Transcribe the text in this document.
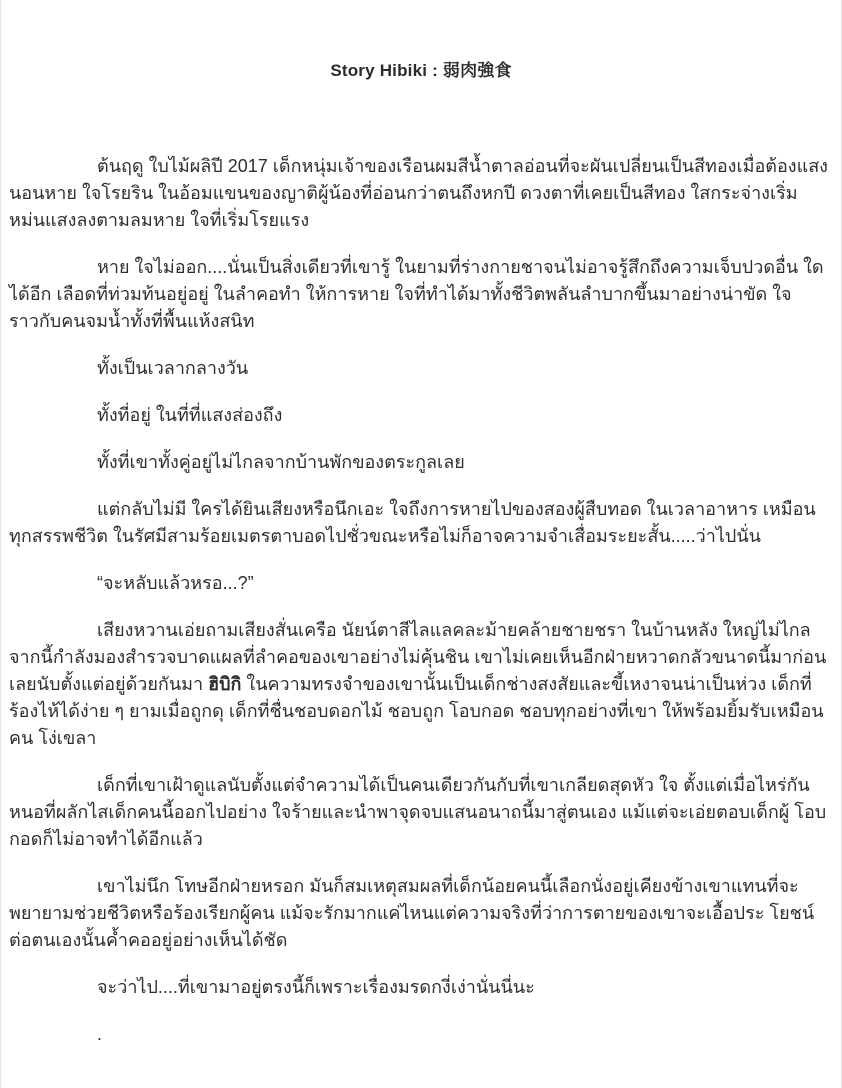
Story Hibiki : 弱肉強食

ต้นฤดู ใบไม้ผลิปี 2017 เด็กหนุ่มเจ้าของเรือนผมสีน้ำตาลอ่อนที่จะผันเปลี่ยนเป็นสีทองเมื่อต้องแสงนอนหาย ใจโรยริน ในอ้อมแขนของญาติผู้น้องที่อ่อนกว่าตนถึงหกปี ดวงตาที่เคยเป็นสีทอง ใสกระจ่างเริ่มหม่นแสงลงตามลมหาย ใจที่เริ่มโรยแรง

หาย ใจไม่ออก....นั่นเป็นสิ่งเดียวที่เขารู้ ในยามที่ร่างกายชาจนไม่อาจรู้สึกถึงความเจ็บปวดอื่น ใดได้อีก เลือดที่ท่วมท้นอยู่อยู่ ในลำคอทำ ให้การหาย ใจที่ทำได้มาทั้งชีวิตพลันลำบากขึ้นมาอย่างน่าขัด ใจ ราวกับคนจมน้ำทั้งที่พื้นแห้งสนิท

ทั้งเป็นเวลากลางวัน

ทั้งที่อยู่ ในที่ที่แสงส่องถึง

ทั้งที่เขาทั้งคู่อยู่ไม่ไกลจากบ้านพักของตระกูลเลย

แต่กลับไม่มี ใครได้ยินเสียงหรือนึกเอะ ใจถึงการหายไปของสองผู้สืบทอด ในเวลาอาหาร เหมือนทุกสรรพชีวิต ในรัศมีสามร้อยเมตรตาบอดไปชั่วขณะหรือไม่ก็อาจความจำเสื่อมระยะสั้น.....ว่าไปนั่น

“จะหลับแล้วหรอ...?”

เสียงหวานเอ่ยถามเสียงสั่นเครือ นัยน์ตาสีไลแลคละม้ายคล้ายชายชรา ในบ้านหลัง ใหญ่ไม่ไกลจากนี้กำลังมองสำรวจบาดแผลที่ลำคอของเขาอย่างไม่คุ้นชิน เขาไม่เคยเห็นอีกฝ่ายหวาดกลัวขนาดนี้มาก่อนเลยนับตั้งแต่อยู่ด้วยกันมา ฮิบิกิ ในความทรงจำของเขานั้นเป็นเด็กช่างสงสัยและขี้เหงาจนน่าเป็นห่วง เด็กที่ร้องไห้ได้ง่าย ๆ ยามเมื่อถูกดุ เด็กที่ชื่นชอบดอกไม้ ชอบถูก โอบกอด ชอบทุกอย่างที่เขา ให้พร้อมยิ้มรับเหมือนคน โง่เขลา

เด็กที่เขาเฝ้าดูแลนับตั้งแต่จำความได้เป็นคนเดียวกันกับที่เขาเกลียดสุดหัว ใจ ตั้งแต่เมื่อไหร่กันหนอที่ผลักไสเด็กคนนี้ออกไปอย่าง ใจร้ายและนำพาจุดจบแสนอนาถนี้มาสู่ตนเอง แม้แต่จะเอ่ยตอบเด็กผู้ โอบกอดก็ไม่อาจทำได้อีกแล้ว

เขาไม่นึก โทษอีกฝ่ายหรอก มันก็สมเหตุสมผลที่เด็กน้อยคนนี้เลือกนั่งอยู่เคียงข้างเขาแทนที่จะพยายามช่วยชีวิตหรือร้องเรียกผู้คน แม้จะรักมากแค่ไหนแต่ความจริงที่ว่าการตายของเขาจะเอื้อประ โยชน์ต่อตนเองนั้นค้ำคออยู่อย่างเห็นได้ชัด

จะว่าไป....ที่เขามาอยู่ตรงนี้ก็เพราะเรื่องมรดกงี่เง่านั่นนี่นะ

.
